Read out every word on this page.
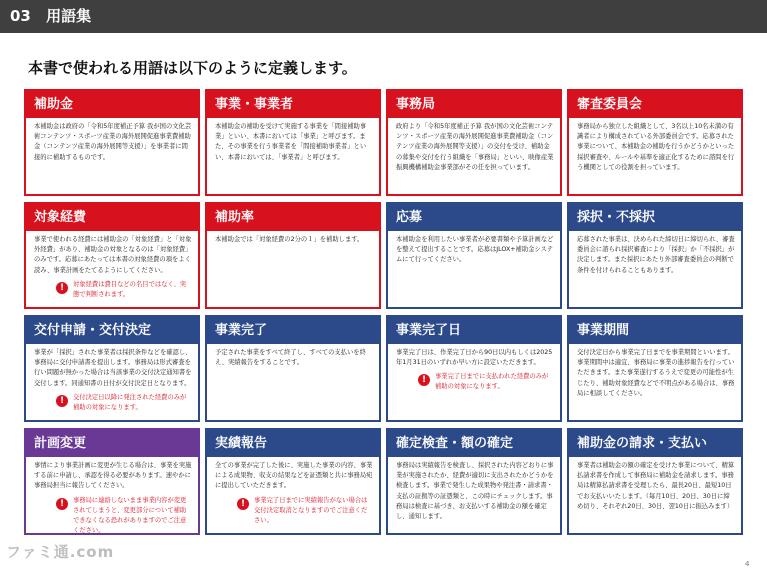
03 用語集
本書で使われる用語は以下のように定義します。
補助金
本補助金は政府の「令和5年度補正予算 我が国の文化芸術コンテンツ・スポーツ産業の海外展開促進事業費補助金（コンテンツ産業の海外展開等支援）」を事業者に間接的に補助するものです。
事業・事業者
本補助金の補助を受けて実施する事業を「間接補助事業」といい、本書においては「事業」と呼びます。また、その事業を行う事業者を「間接補助事業者」といい、本書においては、「事業者」と呼びます。
事務局
政府より「令和5年度補正予算 我が国の文化芸術コンテンツ・スポーツ産業の海外展開促進事業費補助金（コンテンツ産業の海外展開等支援）」の交付を受け、補助金の募集や交付を行う組織を「事務局」といい、映像産業振興機構補助金事業部がその任を担っています。
審査委員会
事務局から独立した組織として、3名以上10名未満の有識者により構成されている外部委員会です。応募された事業について、本補助金の補助を行うかどうかといった採択審査や、ルールや基準を適正化するために諮問を行う機関としての役割を担っています。
対象経費
事業で使われる経費には補助金の「対象経費」と「対象外経費」があり、補助金の対象となるのは「対象経費」のみです。応募にあたっては本書の対象経費の項をよく読み、事業計画をたてるようにしてください。
!	対象経費は費目などの名目ではなく、実態で判断されます。
補助率
本補助金では「対象経費の2分の１」を補助します。
応募
本補助金を利用したい事業者が必要書類や予算計画などを整えて提出することです。応募はJLOX+補助金システムにて行ってください。
採択・不採択
応募された事業は、決められた締切日に締切られ、審査委員会に諮られ採択審査により「採択」か「不採択」が決定します。また採択にあたり外部審査委員会の判断で条件を付けられることもあります。
交付申請・交付決定
事業が「採択」された事業者は採択条件などを確認し、事務局に交付申請書を提出します。事務局は形式審査を行い問題が無かった場合は当該事業の交付決定通知書を交付します。同通知書の日付が交付決定日となります。
!	交付決定日以降に発注された経費のみが補助の対象になります。
事業完了
予定された事業をすべて終了し、すべての支払いを終え、実績報告をすることです。
事業完了日
事業完了日は、作業完了日から90日以内もしくは2025年1月31日のいずれか早い方に設定いただきます。
!	事業完了日までに支払われた経費のみが補助の対象になります。
事業期間
交付決定日から事業完了日までを事業期間といいます。事業期間中は適宜、事務局に事業の進捗報告を行っていただきます。また事業遂行するうえで変更の可能性が生じたり、補助対象経費などで不明点がある場合は、事務局に相談してください。
計画変更
事情により事業計画に変更が生じる場合は、事業を実施する前に申請し、承認を得る必要があります。速やかに事務局担当に報告してください。
!	事務局に連絡しないまま事業内容が変更されてしまうと、変更部分について補助できなくなる恐れがありますのでご注意ください。
実績報告
全ての事業が完了した後に、実施した事業の内容、事業による成果物、収支の結果などを証憑類と共に事務局宛に提出していただきます。
!	事業完了日までに実績報告がない場合は交付決定取消となりますのでご注意ください。
確定検査・額の確定
事務局は実績報告を検査し、採択された内容どおりに事業が実施されたか、経費が適切に支出されたかどうかを検査します。事業で発生した成果物や発注書・請求書・支払の証拠等の証憑類と、この時にチェックします。事務局は検査に基づき、お支払いする補助金の額を確定し、通知します。
補助金の請求・支払い
事業者は補助金の額の確定を受けた事業について、精算払請求書を作成して事務局に補助金を請求します。事務局は精算払請求書を受理したら、最長20日、最短10日でお支払いいたします。（毎月10日、20日、30日に締め切り、それぞれ20日、30日、翌10日に振込みます）
ファミ通.com
4
